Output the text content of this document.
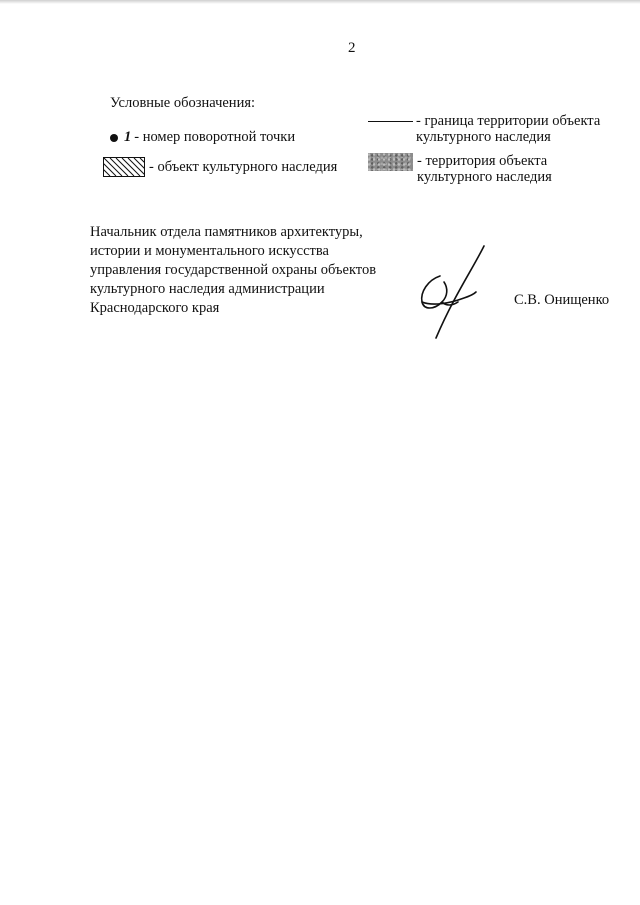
2
Условные обозначения:
1 - номер поворотной точки
- объект культурного наследия
- граница территории объекта
культурного наследия
- территория объекта
культурного наследия
Начальник отдела памятников архитектуры,
истории и монументального искусства
управления государственной охраны объектов
культурного наследия администрации
Краснодарского края	С.В. Онищенко
